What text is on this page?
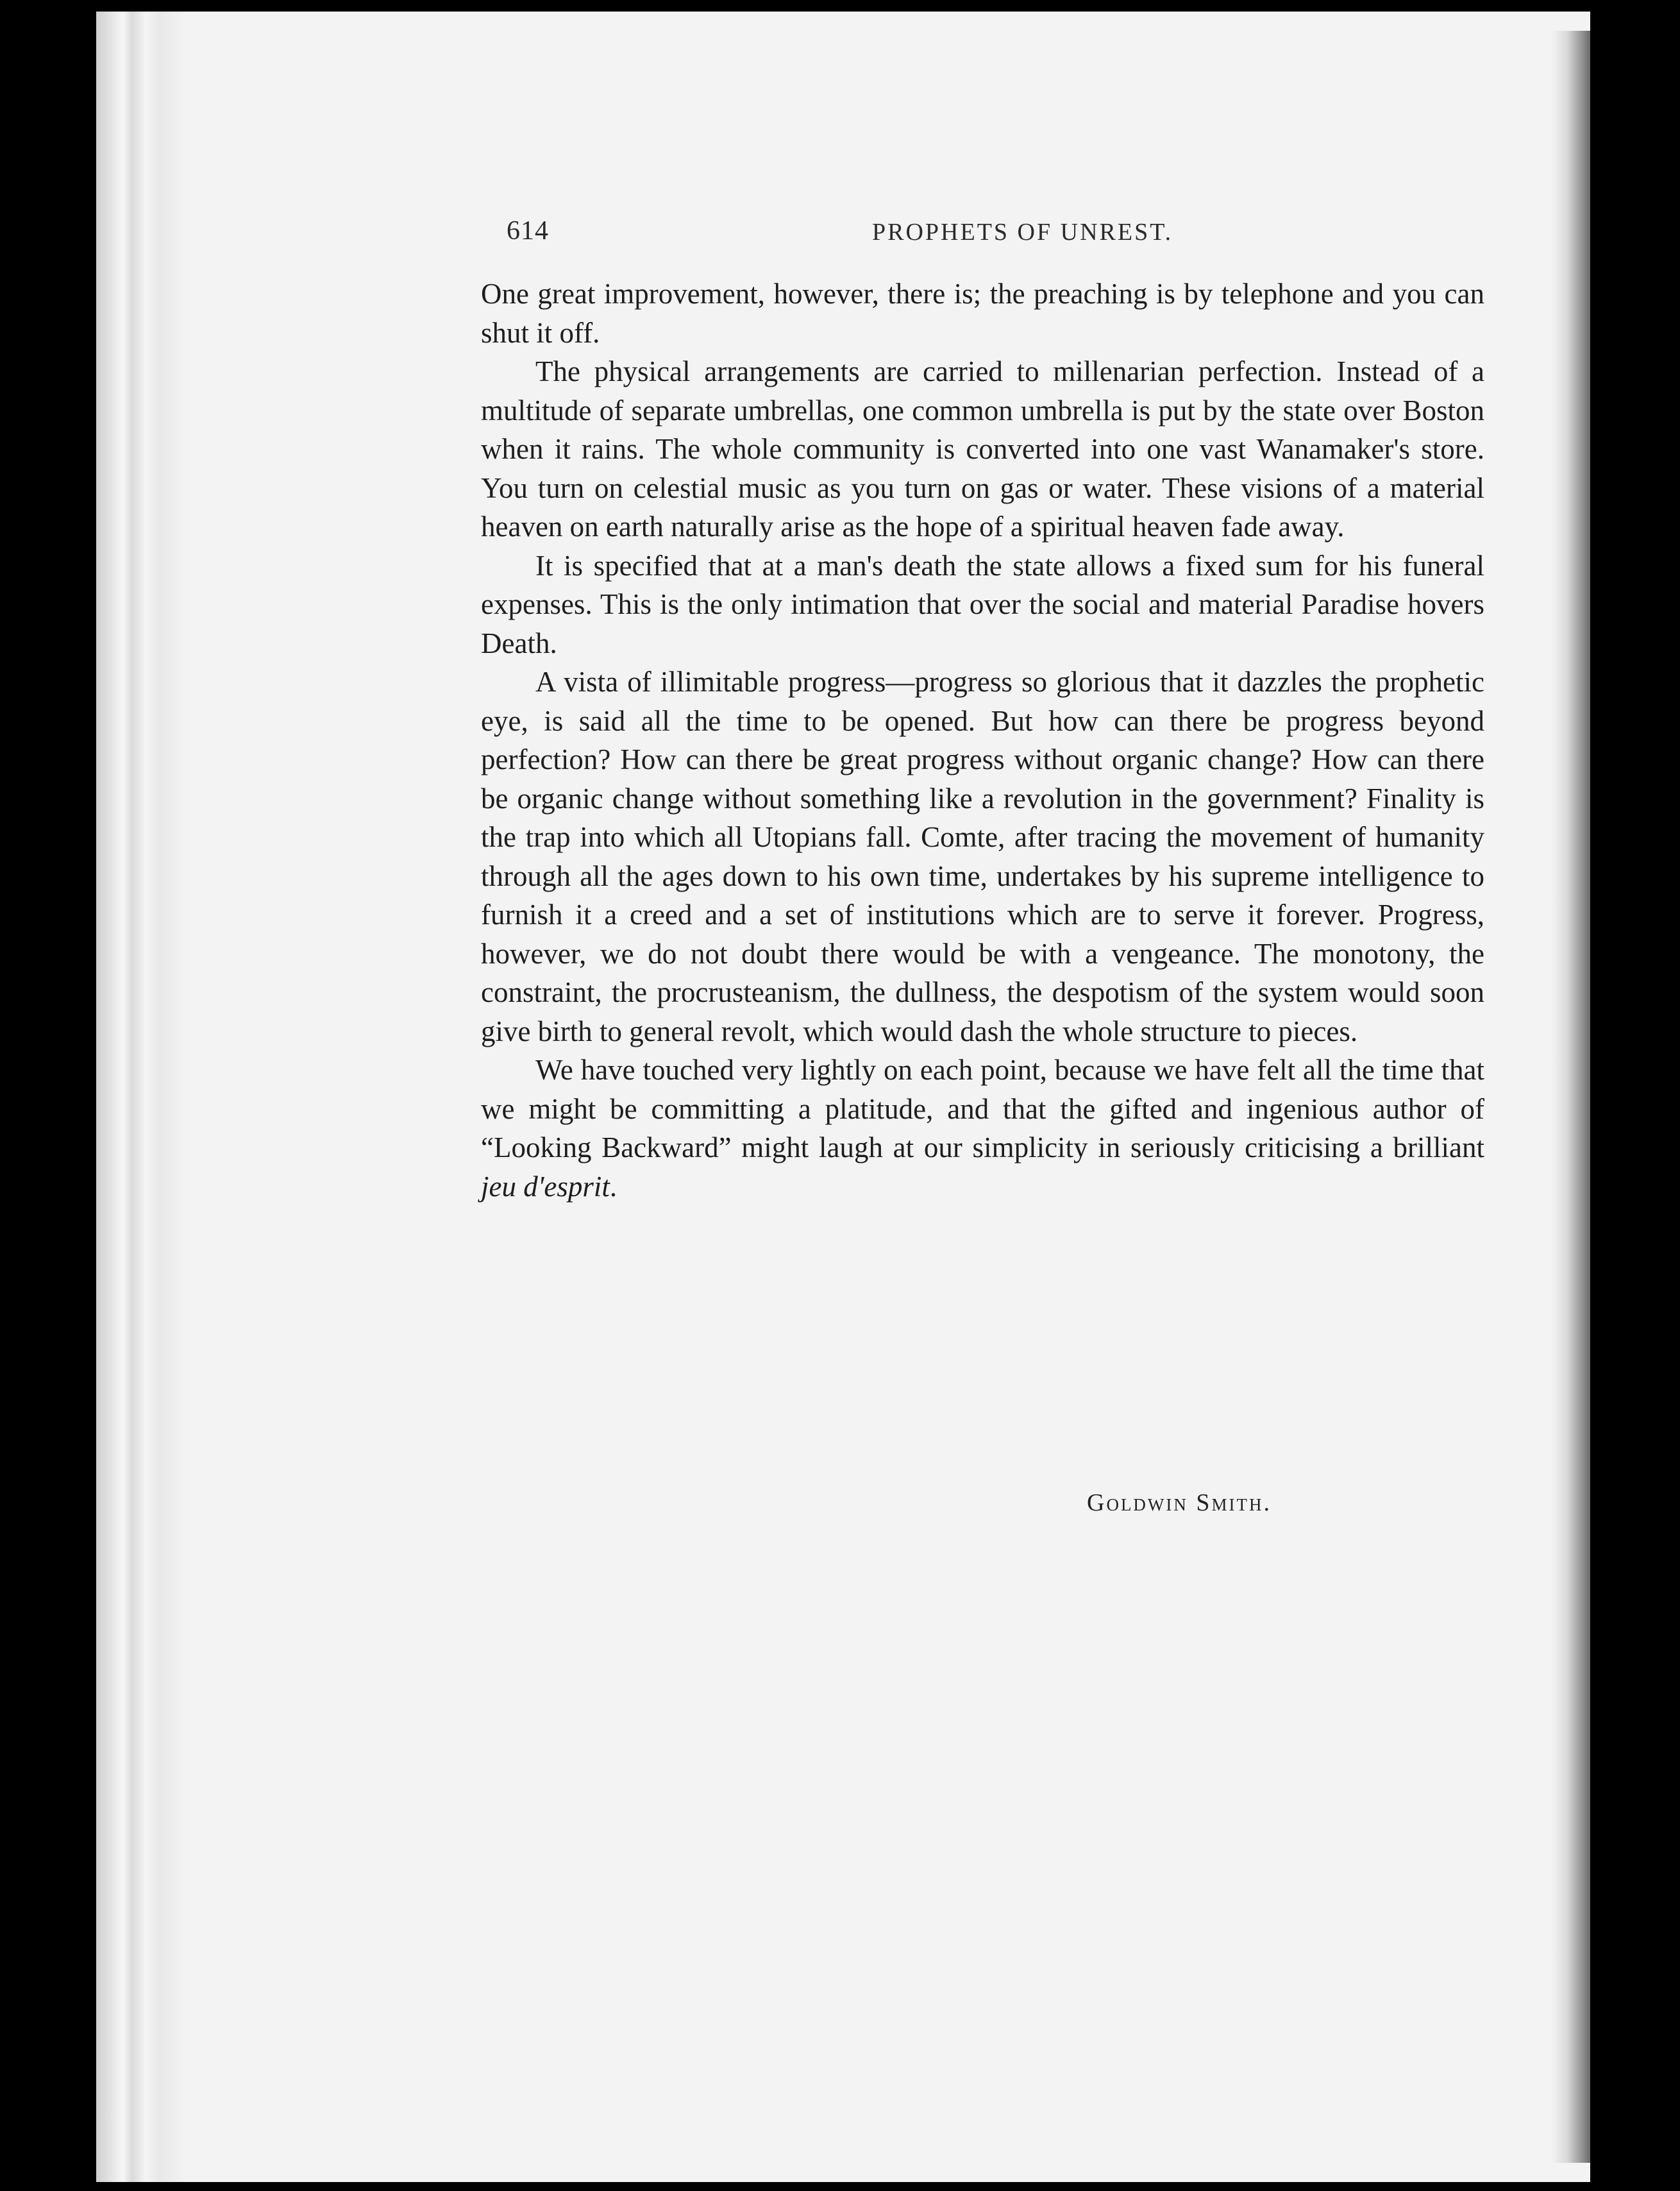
614	PROPHETS OF UNREST.

One great improvement, however, there is; the preaching is by telephone and you can shut it off.

The physical arrangements are carried to millenarian perfection. Instead of a multitude of separate umbrellas, one common umbrella is put by the state over Boston when it rains. The whole community is converted into one vast Wanamaker's store. You turn on celestial music as you turn on gas or water. These visions of a material heaven on earth naturally arise as the hope of a spiritual heaven fade away.

It is specified that at a man's death the state allows a fixed sum for his funeral expenses. This is the only intimation that over the social and material Paradise hovers Death.

A vista of illimitable progress—progress so glorious that it dazzles the prophetic eye, is said all the time to be opened. But how can there be progress beyond perfection? How can there be great progress without organic change? How can there be organic change without something like a revolution in the government? Finality is the trap into which all Utopians fall. Comte, after tracing the movement of humanity through all the ages down to his own time, undertakes by his supreme intelligence to furnish it a creed and a set of institutions which are to serve it forever. Progress, however, we do not doubt there would be with a vengeance. The monotony, the constraint, the procrusteanism, the dullness, the despotism of the system would soon give birth to general revolt, which would dash the whole structure to pieces.

We have touched very lightly on each point, because we have felt all the time that we might be committing a platitude, and that the gifted and ingenious author of “Looking Backward” might laugh at our simplicity in seriously criticising a brilliant jeu d'esprit.

Goldwin Smith.
